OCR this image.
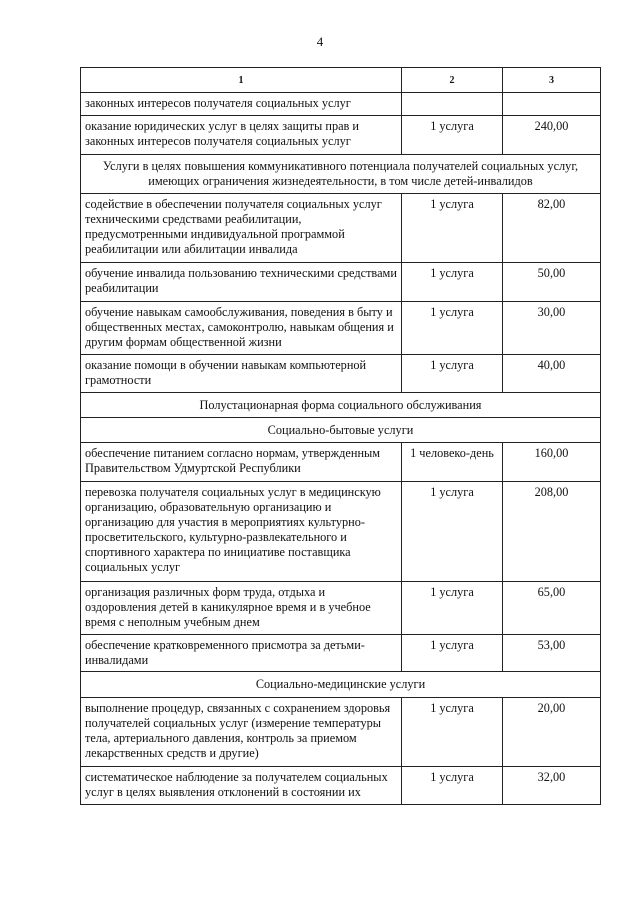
4
1	2	3
законных интересов получателя социальных услуг		
оказание юридических услуг в целях защиты прав и законных интересов получателя социальных услуг	1 услуга	240,00
Услуги в целях повышения коммуникативного потенциала получателей социальных услуг, имеющих ограничения жизнедеятельности, в том числе детей-инвалидов		
содействие в обеспечении получателя социальных услуг техническими средствами реабилитации, предусмотренными индивидуальной программой реабилитации или абилитации инвалида	1 услуга	82,00
обучение инвалида пользованию техническими средствами реабилитации	1 услуга	50,00
обучение навыкам самообслуживания, поведения в быту и общественных местах, самоконтролю, навыкам общения и другим формам общественной жизни	1 услуга	30,00
оказание помощи в обучении навыкам компьютерной грамотности	1 услуга	40,00
Полустационарная форма социального обслуживания		
Социально-бытовые услуги		
обеспечение питанием согласно нормам, утвержденным Правительством Удмуртской Республики	1 человеко-день	160,00
перевозка получателя социальных услуг в медицинскую организацию, образовательную организацию и организацию для участия в мероприятиях культурно-просветительского, культурно-развлекательного и спортивного характера по инициативе поставщика социальных услуг	1 услуга	208,00
организация различных форм труда, отдыха и оздоровления детей в каникулярное время и в учебное время с неполным учебным днем	1 услуга	65,00
обеспечение кратковременного присмотра за детьми-инвалидами	1 услуга	53,00
Социально-медицинские услуги		
выполнение процедур, связанных с сохранением здоровья получателей социальных услуг (измерение температуры тела, артериального давления, контроль за приемом лекарственных средств и другие)	1 услуга	20,00
систематическое наблюдение за получателем социальных услуг в целях выявления отклонений в состоянии их	1 услуга	32,00
